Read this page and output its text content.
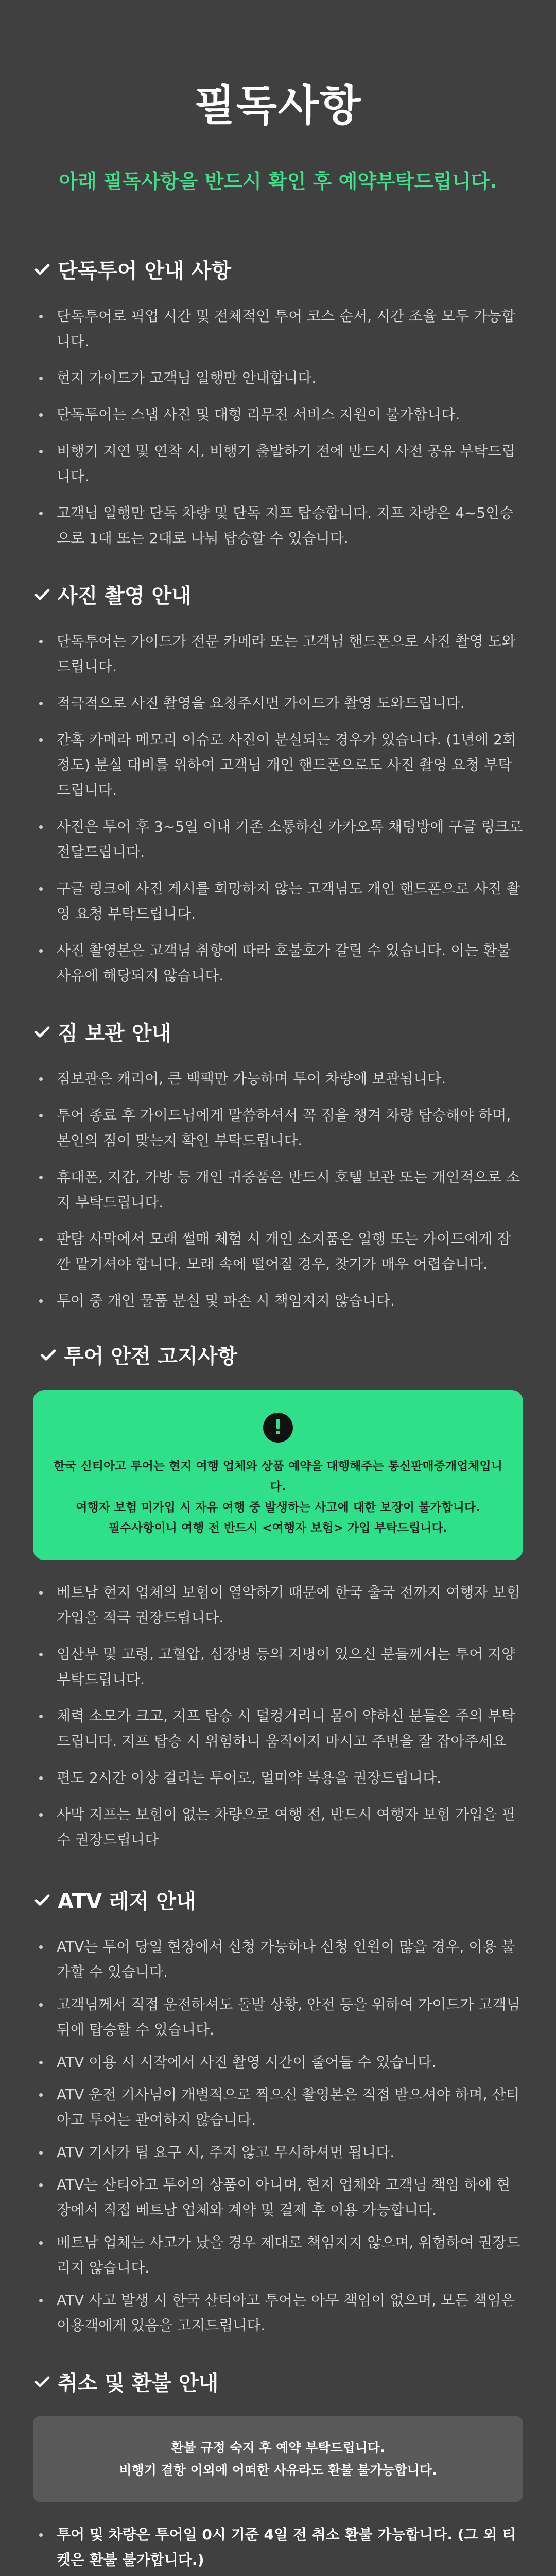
필독사항
아래 필독사항을 반드시 확인 후 예약부탁드립니다.
단독투어 안내 사항
단독투어로 픽업 시간 및 전체적인 투어 코스 순서, 시간 조율 모두 가능합니다.
현지 가이드가 고객님 일행만 안내합니다.
단독투어는 스냅 사진 및 대형 리무진 서비스 지원이 불가합니다.
비행기 지연 및 연착 시, 비행기 출발하기 전에 반드시 사전 공유 부탁드립니다.
고객님 일행만 단독 차량 및 단독 지프 탑승합니다. 지프 차량은 4~5인승으로 1대 또는 2대로 나눠 탑승할 수 있습니다.
사진 촬영 안내
단독투어는 가이드가 전문 카메라 또는 고객님 핸드폰으로 사진 촬영 도와드립니다.
적극적으로 사진 촬영을 요청주시면 가이드가 촬영 도와드립니다.
간혹 카메라 메모리 이슈로 사진이 분실되는 경우가 있습니다. (1년에 2회 정도) 분실 대비를 위하여 고객님 개인 핸드폰으로도 사진 촬영 요청 부탁드립니다.
사진은 투어 후 3~5일 이내 기존 소통하신 카카오톡 채팅방에 구글 링크로 전달드립니다.
구글 링크에 사진 게시를 희망하지 않는 고객님도 개인 핸드폰으로 사진 촬영 요청 부탁드립니다.
사진 촬영본은 고객님 취향에 따라 호불호가 갈릴 수 있습니다. 이는 환불 사유에 해당되지 않습니다.
짐 보관 안내
짐보관은 캐리어, 큰 백팩만 가능하며 투어 차량에 보관됩니다.
투어 종료 후 가이드님에게 말씀하셔서 꼭 짐을 챙겨 차량 탑승해야 하며, 본인의 짐이 맞는지 확인 부탁드립니다.
휴대폰, 지갑, 가방 등 개인 귀중품은 반드시 호텔 보관 또는 개인적으로 소지 부탁드립니다.
판탐 사막에서 모래 썰매 체험 시 개인 소지품은 일행 또는 가이드에게 잠깐 맡기셔야 합니다. 모래 속에 떨어질 경우, 찾기가 매우 어렵습니다.
투어 중 개인 물품 분실 및 파손 시 책임지지 않습니다.
투어 안전 고지사항
!

한국 신티아고 투어는 현지 여행 업체와 상품 예약을 대행해주는 통신판매중개업체입니다.

여행자 보험 미가입 시 자유 여행 중 발생하는 사고에 대한 보장이 불가합니다.

필수사항이니 여행 전 반드시 <여행자 보험> 가입 부탁드립니다.

베트남 현지 업체의 보험이 열악하기 때문에 한국 출국 전까지 여행자 보험 가입을 적극 권장드립니다.
임산부 및 고령, 고혈압, 심장병 등의 지병이 있으신 분들께서는 투어 지양 부탁드립니다.
체력 소모가 크고, 지프 탑승 시 덜컹거리니 몸이 약하신 분들은 주의 부탁드립니다. 지프 탑승 시 위험하니 움직이지 마시고 주변을 잘 잡아주세요
편도 2시간 이상 걸리는 투어로, 멀미약 복용을 권장드립니다.
사막 지프는 보험이 없는 차량으로 여행 전, 반드시 여행자 보험 가입을 필수 권장드립니다
ATV 레저 안내
ATV는 투어 당일 현장에서 신청 가능하나 신청 인원이 많을 경우, 이용 불가할 수 있습니다.
고객님께서 직접 운전하셔도 돌발 상황, 안전 등을 위하여 가이드가 고객님 뒤에 탑승할 수 있습니다.
ATV 이용 시 시작에서 사진 촬영 시간이 줄어들 수 있습니다.
ATV 운전 기사님이 개별적으로 찍으신 촬영본은 직접 받으셔야 하며, 산티아고 투어는 관여하지 않습니다.
ATV 기사가 팁 요구 시, 주지 않고 무시하셔면 됩니다.
ATV는 산티아고 투어의 상품이 아니며, 현지 업체와 고객님 책임 하에 현장에서 직접 베트남 업체와 계약 및 결제 후 이용 가능합니다.
베트남 업체는 사고가 났을 경우 제대로 책임지지 않으며, 위험하여 권장드리지 않습니다.
ATV 사고 발생 시 한국 산티아고 투어는 아무 책임이 없으며, 모든 책임은 이용객에게 있음을 고지드립니다.
취소 및 환불 안내

환불 규정 숙지 후 예약 부탁드립니다.

비행기 결항 이외에 어떠한 사유라도 환불 불가능합니다.

투어 및 차량은 투어일 0시 기준 4일 전 취소 환불 가능합니다. (그 외 티켓은 환불 불가합니다.)
